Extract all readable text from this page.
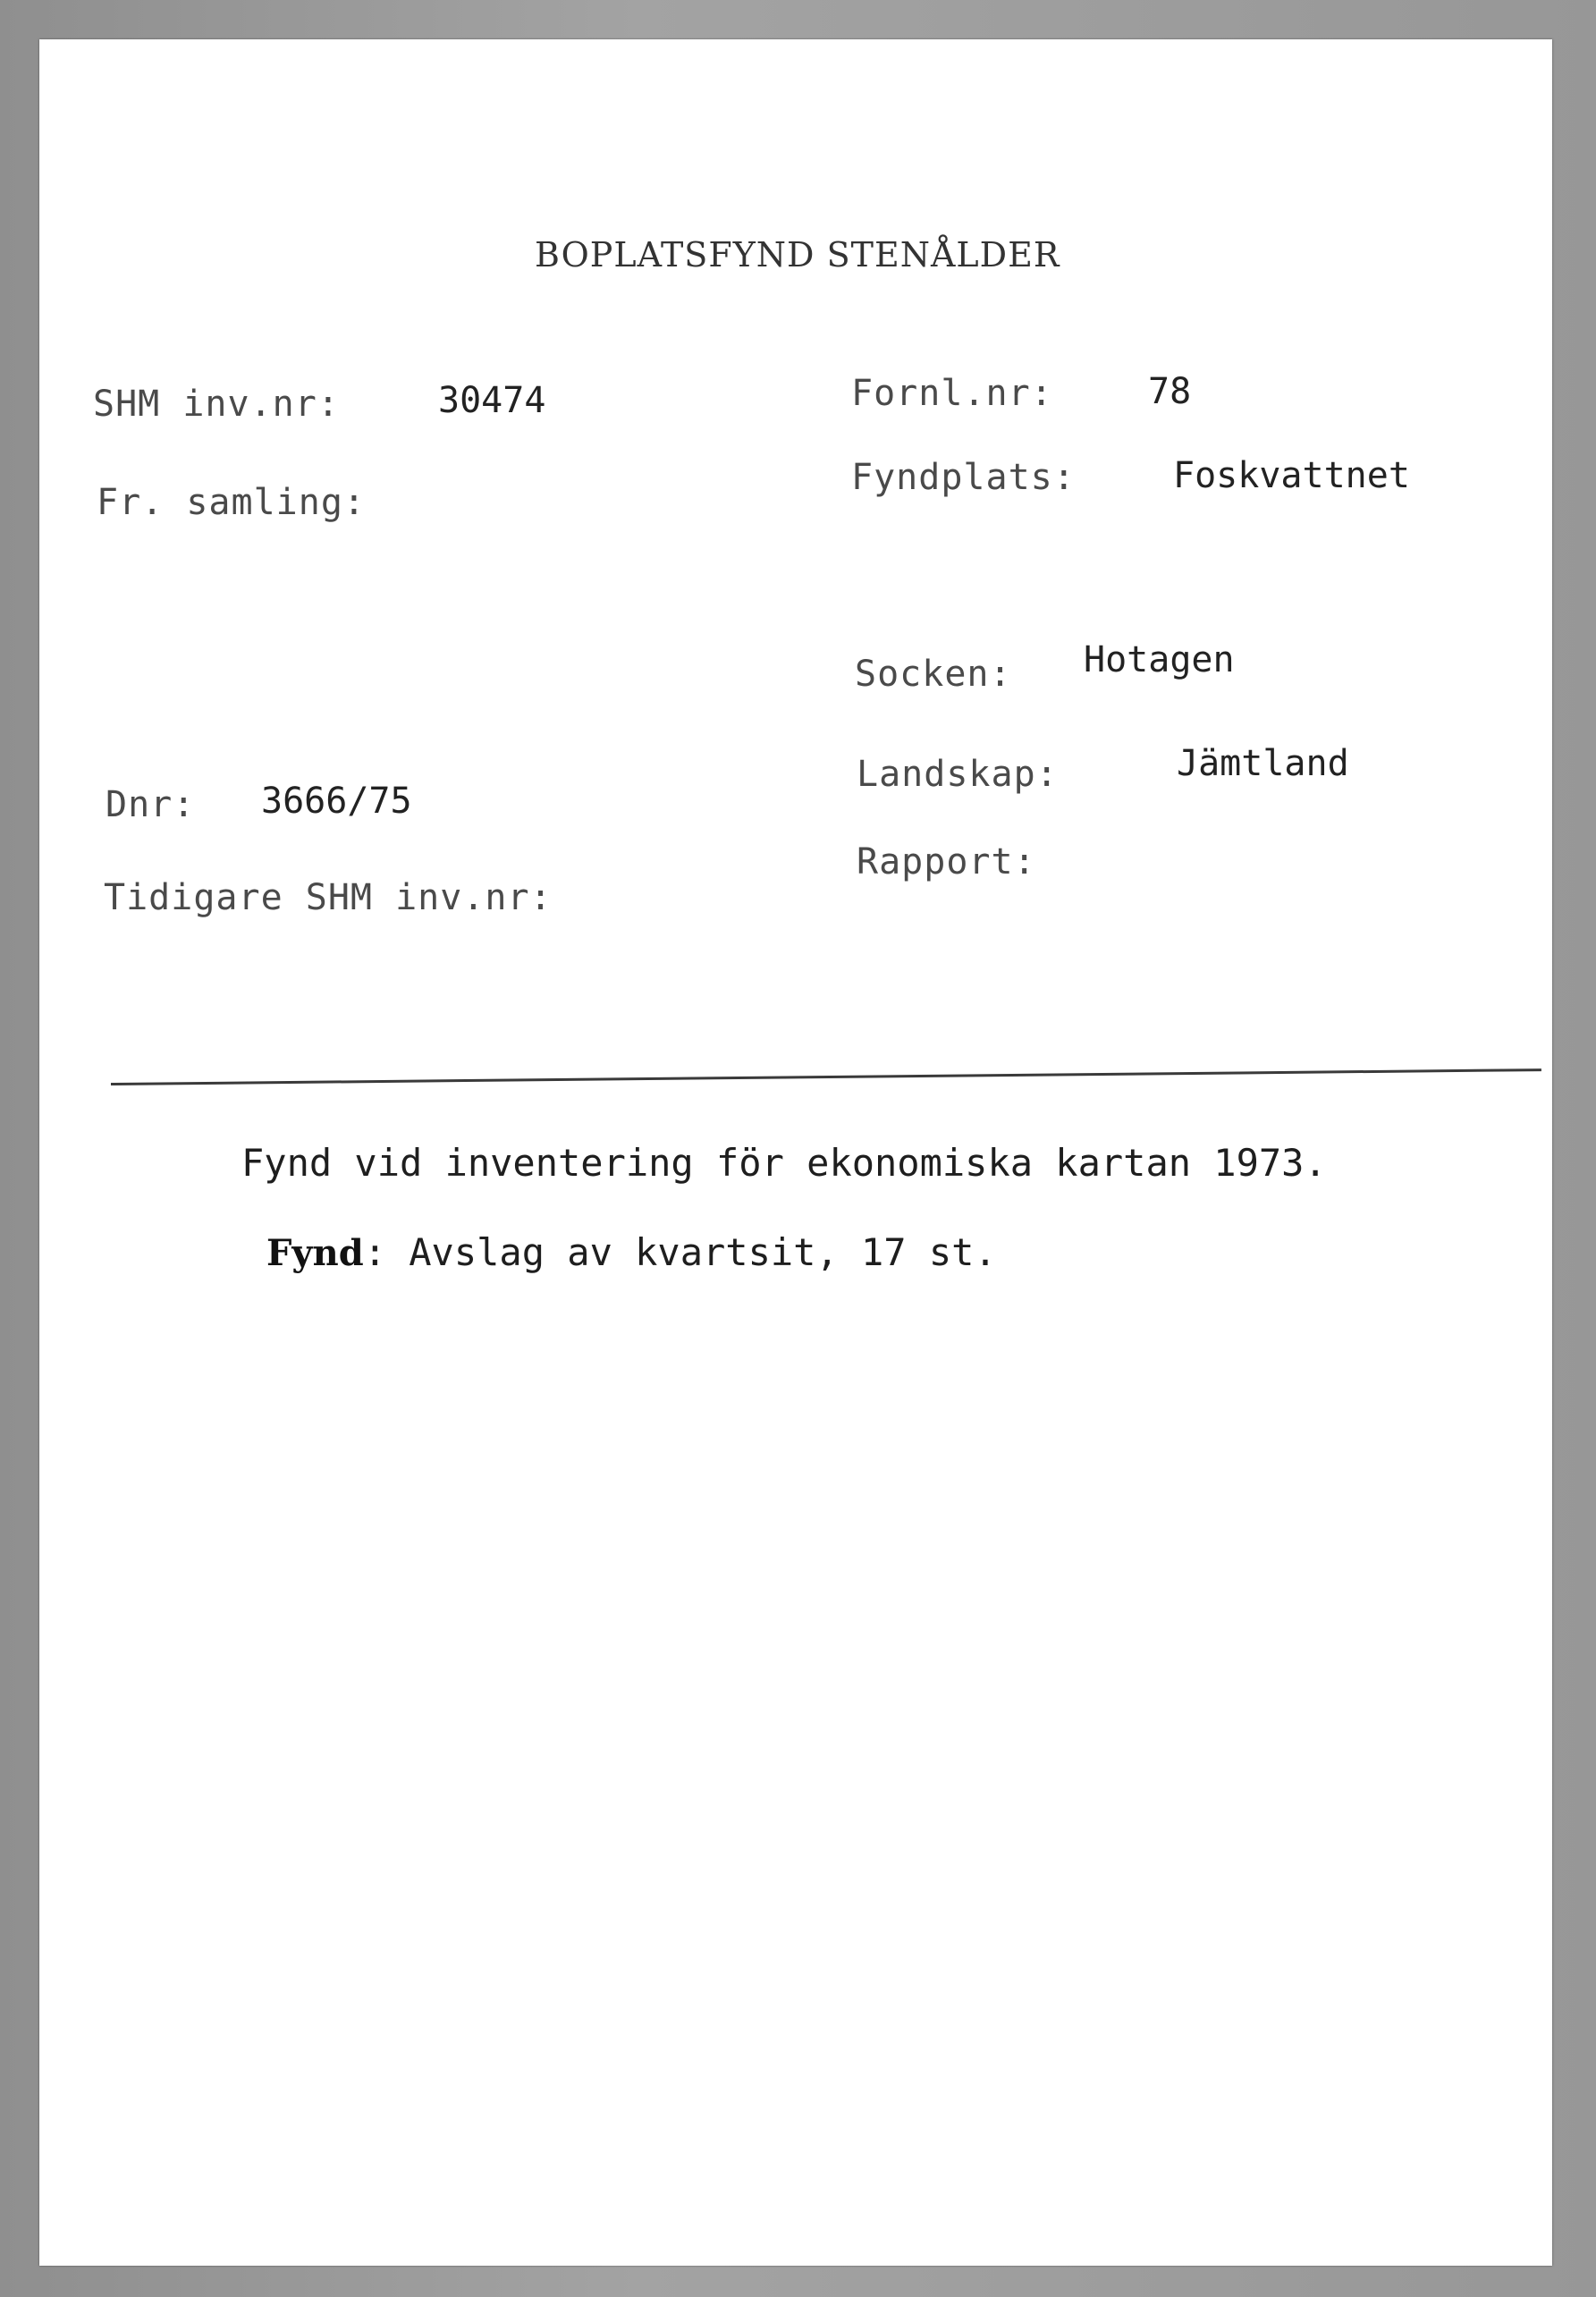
BOPLATSFYND STENÅLDER
SHM inv.nr:	30474
Fr. samling:
Dnr: 3666/75
Tidigare SHM inv.nr:
Fornl.nr:	78
Fyndplats:	Foskvattnet
Socken: Hotagen
Landskap:	Jämtland
Rapport:
Fynd vid inventering för ekonomiska kartan 1973.
Fynd: Avslag av kvartsit, 17 st.
